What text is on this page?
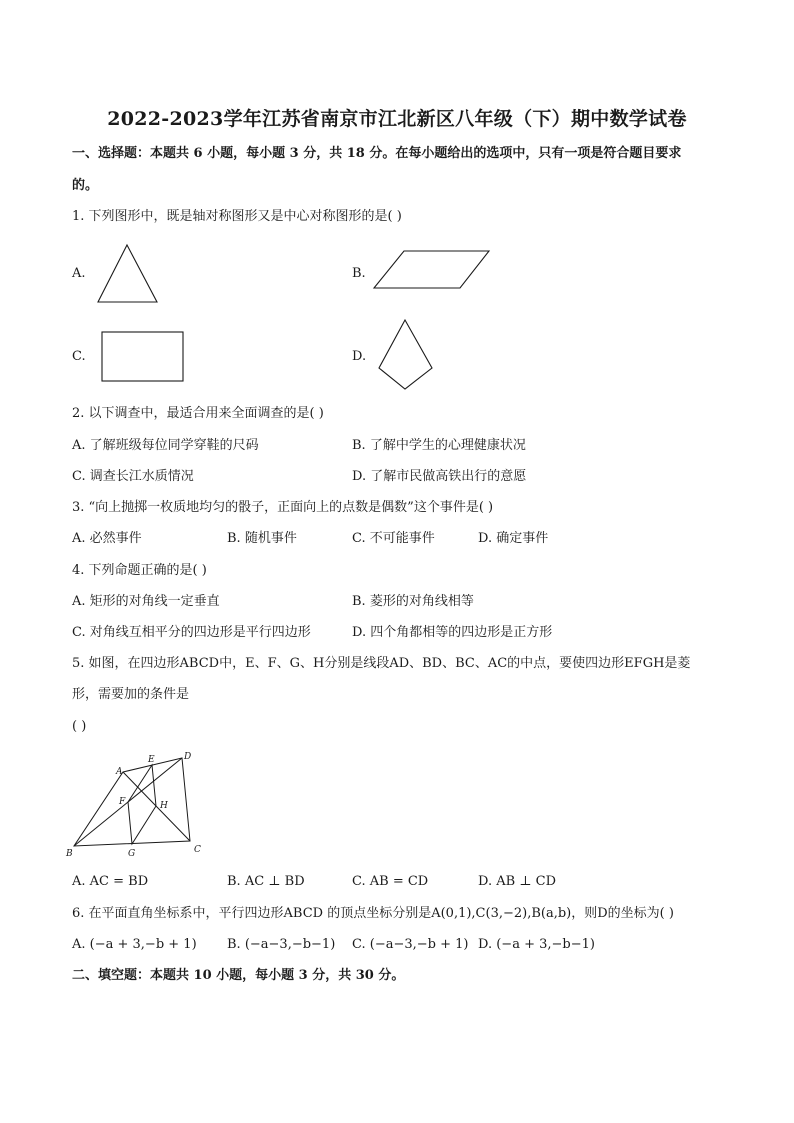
2022-2023学年江苏省南京市江北新区八年级（下）期中数学试卷
一、选择题：本题共 6 小题，每小题 3 分，共 18 分。在每小题给出的选项中，只有一项是符合题目要求
的。
1. 下列图形中，既是轴对称图形又是中心对称图形的是( )
A.	B.
C.	D.
2. 以下调查中，最适合用来全面调查的是( )
A. 了解班级每位同学穿鞋的尺码	B. 了解中学生的心理健康状况
C. 调查长江水质情况	D. 了解市民做高铁出行的意愿
3. “向上抛掷一枚质地均匀的骰子，正面向上的点数是偶数”这个事件是( )
A. 必然事件	B. 随机事件	C. 不可能事件	D. 确定事件
4. 下列命题正确的是( )
A. 矩形的对角线一定垂直	B. 菱形的对角线相等
C. 对角线互相平分的四边形是平行四边形	D. 四个角都相等的四边形是正方形
5. 如图，在四边形ABCD中，E、F、G、H分别是线段AD、BD、BC、AC的中点，要使四边形EFGH是菱
形，需要加的条件是
( )
A
B	C
D
E
F
G
H
A. AC = BD	B. AC ⊥ BD	C. AB = CD	D. AB ⊥ CD
6. 在平面直角坐标系中，平行四边形ABCD 的顶点坐标分别是A(0,1),C(3,−2),B(a,b)，则D的坐标为( )
A. (−a + 3,−b + 1) B. (−a−3,−b−1) C. (−a−3,−b + 1) D. (−a + 3,−b−1)
二、填空题：本题共 10 小题，每小题 3 分，共 30 分。
